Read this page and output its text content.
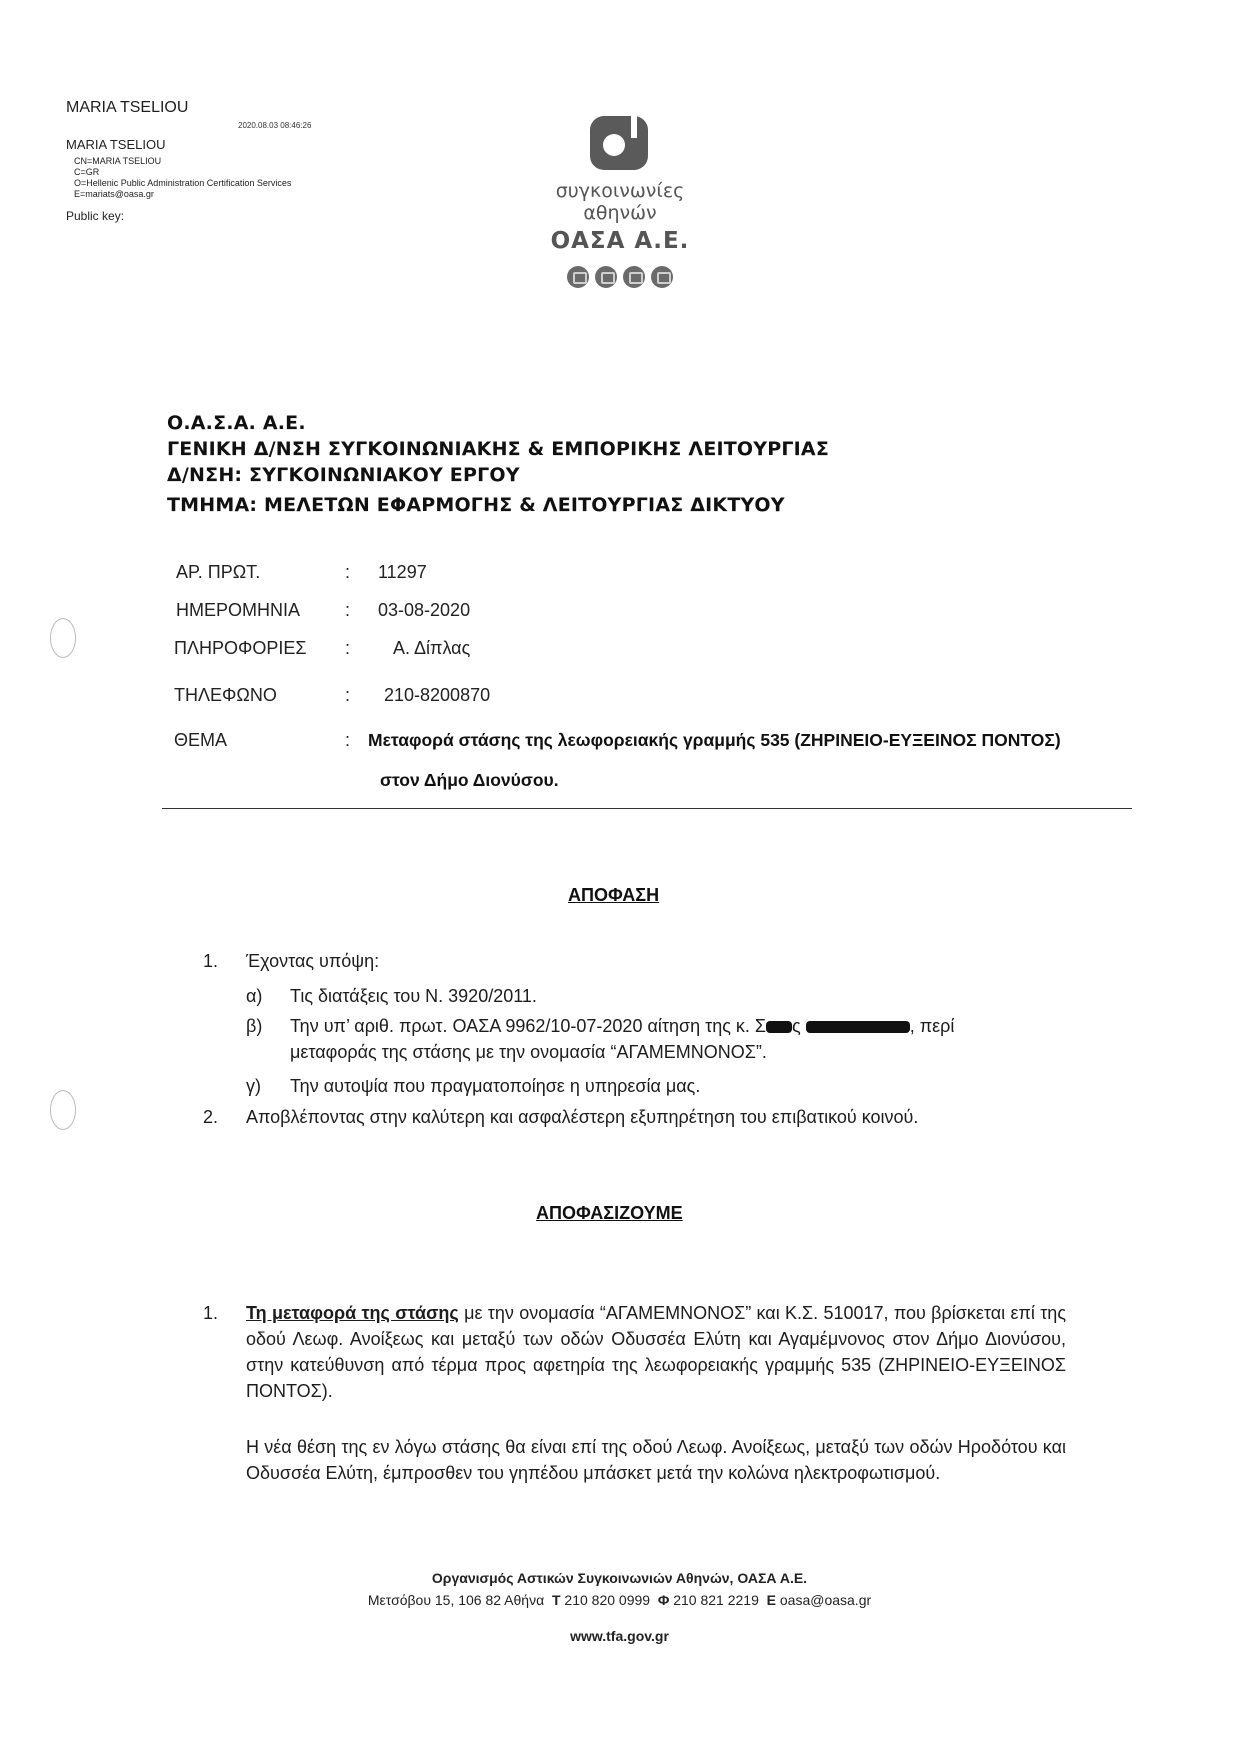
MARIA TSELIOU
2020.08.03 08:46:26
MARIA TSELIOU
CN=MARIA TSELIOU
C=GR
O=Hellenic Public Administration Certification Services
E=mariats@oasa.gr
Public key:
συγκοινωνίες
αθηνών
ΟΑΣΑ Α.Ε.
Ο.Α.Σ.Α. Α.Ε.
ΓΕΝΙΚΗ Δ/ΝΣΗ ΣΥΓΚΟΙΝΩΝΙΑΚΗΣ & ΕΜΠΟΡΙΚΗΣ ΛΕΙΤΟΥΡΓΙΑΣ
Δ/ΝΣΗ: ΣΥΓΚΟΙΝΩΝΙΑΚΟΥ ΕΡΓΟΥ
ΤΜΗΜΑ: ΜΕΛΕΤΩΝ ΕΦΑΡΜΟΓΗΣ & ΛΕΙΤΟΥΡΓΙΑΣ ΔΙΚΤΥΟΥ
ΑΡ. ΠΡΩΤ.	: 11297
ΗΜΕΡΟΜΗΝΙΑ : 03-08-2020
ΠΛΗΡΟΦΟΡΙΕΣ : Α. Δίπλας
ΤΗΛΕΦΩΝΟ	: 210-8200870
ΘΕΜΑ	: Μεταφορά στάσης της λεωφορειακής γραμμής 535 (ΖΗΡΙΝΕΙΟ-ΕΥΞΕΙΝΟΣ ΠΟΝΤΟΣ)
στον Δήμο Διονύσου.
ΑΠΟΦΑΣΗ
1. Έχοντας υπόψη:
α) Τις διατάξεις του Ν. 3920/2011.
β) Την υπ’ αριθ. πρωτ. ΟΑΣΑ 9962/10-07-2020 αίτηση της κ. Σ ς	, περί
μεταφοράς της στάσης με την ονομασία “ΑΓΑΜΕΜΝΟΝΟΣ”.
γ) Την αυτοψία που πραγματοποίησε η υπηρεσία μας.
2. Αποβλέποντας στην καλύτερη και ασφαλέστερη εξυπηρέτηση του επιβατικού κοινού.
ΑΠΟΦΑΣΙΖΟΥΜΕ
1. Τη μεταφορά της στάσης με την ονομασία “ΑΓΑΜΕΜΝΟΝΟΣ” και Κ.Σ. 510017, που βρίσκεται επί της οδού Λεωφ. Ανοίξεως και μεταξύ των οδών Οδυσσέα Ελύτη και Αγαμέμνονος στον Δήμο Διονύσου, στην κατεύθυνση από τέρμα προς αφετηρία της λεωφορειακής γραμμής 535 (ΖΗΡΙΝΕΙΟ-ΕΥΞΕΙΝΟΣ ΠΟΝΤΟΣ).
Η νέα θέση της εν λόγω στάσης θα είναι επί της οδού Λεωφ. Ανοίξεως, μεταξύ των οδών Ηροδότου και Οδυσσέα Ελύτη, έμπροσθεν του γηπέδου μπάσκετ μετά την κολώνα ηλεκτροφωτισμού.
Οργανισμός Αστικών Συγκοινωνιών Αθηνών, ΟΑΣΑ Α.Ε.
Μετσόβου 15, 106 82 Αθήνα T 210 820 0999 Φ 210 821 2219 E oasa@oasa.gr
www.tfa.gov.gr
